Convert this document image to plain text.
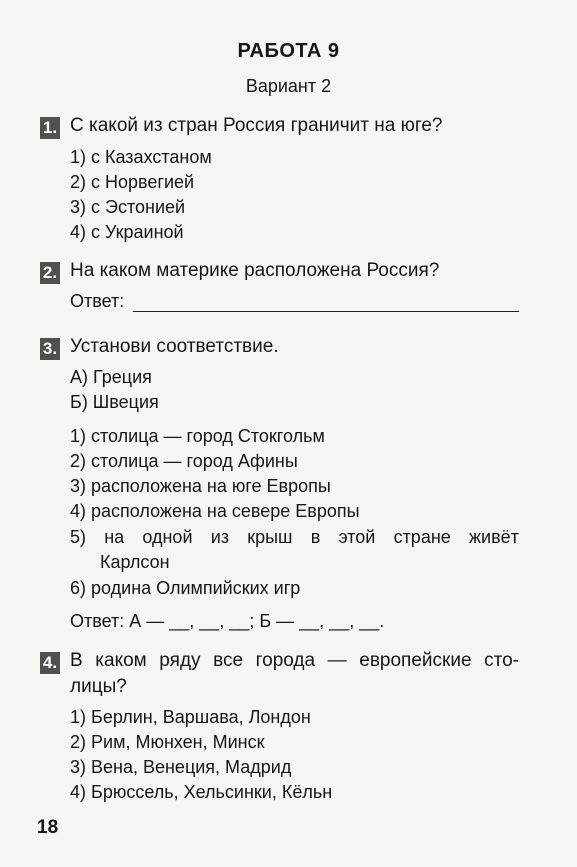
РАБОТА 9
Вариант 2
1. С какой из стран Россия граничит на юге?
1) с Казахстаном
2) с Норвегией
3) с Эстонией
4) с Украиной
2. На каком материке расположена Россия?
Ответ:
3. Установи соответствие.
А) Греция
Б) Швеция
1) столица — город Стокгольм
2) столица — город Афины
3) расположена на юге Европы
4) расположена на севере Европы
5) на одной из крыш в этой стране живёт
Карлсон
6) родина Олимпийских игр
Ответ: А — __, __, __; Б — __, __, __.
4. В каком ряду все города — европейские сто-
лицы?
1) Берлин, Варшава, Лондон
2) Рим, Мюнхен, Минск
3) Вена, Венеция, Мадрид
4) Брюссель, Хельсинки, Кёльн
18
